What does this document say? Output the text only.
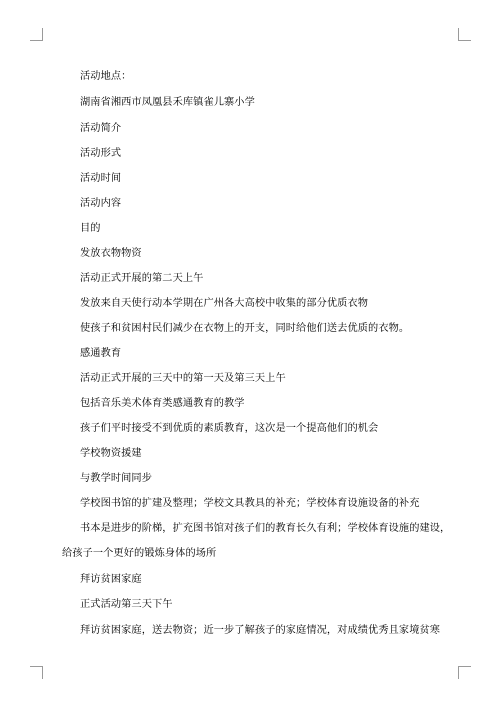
活动地点：
湖南省湘西市凤凰县禾库镇雀儿寨小学
活动简介
活动形式
活动时间
活动内容
目的
发放衣物物资
活动正式开展的第二天上午
发放来自天使行动本学期在广州各大高校中收集的部分优质衣物
使孩子和贫困村民们减少在衣物上的开支，同时给他们送去优质的衣物。
感通教育
活动正式开展的三天中的第一天及第三天上午
包括音乐美术体育类感通教育的教学
孩子们平时接受不到优质的素质教育，这次是一个提高他们的机会
学校物资援建
与教学时间同步
学校图书馆的扩建及整理；学校文具教具的补充；学校体育设施设备的补充
书本是进步的阶梯，扩充图书馆对孩子们的教育长久有利；学校体育设施的建设，
给孩子一个更好的锻炼身体的场所
拜访贫困家庭
正式活动第三天下午
拜访贫困家庭，送去物资；近一步了解孩子的家庭情况，对成绩优秀且家境贫寒
